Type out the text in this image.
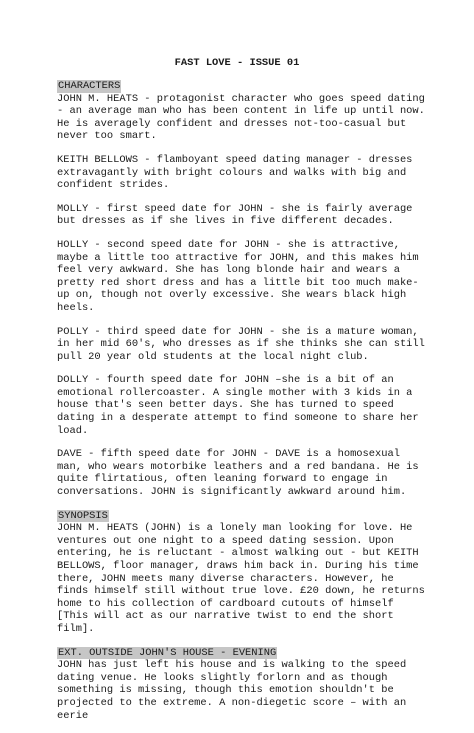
FAST LOVE - ISSUE 01
CHARACTERS

JOHN M. HEATS - protagonist character who goes speed dating - an average man who has been content in life up until now. He is averagely confident and dresses not-too-casual but never too smart.

KEITH BELLOWS - flamboyant speed dating manager - dresses extravagantly with bright colours and walks with big and confident strides.

MOLLY - first speed date for JOHN - she is fairly average but dresses as if she lives in five different decades.

HOLLY - second speed date for JOHN - she is attractive, maybe a little too attractive for JOHN, and this makes him feel very awkward. She has long blonde hair and wears a pretty red short dress and has a little bit too much make-up on, though not overly excessive. She wears black high heels.

POLLY - third speed date for JOHN - she is a mature woman, in her mid 60's, who dresses as if she thinks she can still pull 20 year old students at the local night club.

DOLLY - fourth speed date for JOHN –she is a bit of an emotional rollercoaster. A single mother with 3 kids in a house that's seen better days. She has turned to speed dating in a desperate attempt to find someone to share her load.

DAVE - fifth speed date for JOHN - DAVE is a homosexual man, who wears motorbike leathers and a red bandana. He is quite flirtatious, often leaning forward to engage in conversations. JOHN is significantly awkward around him.

SYNOPSIS

JOHN M. HEATS (JOHN) is a lonely man looking for love. He ventures out one night to a speed dating session. Upon entering, he is reluctant - almost walking out - but KEITH BELLOWS, floor manager, draws him back in. During his time there, JOHN meets many diverse characters. However, he finds himself still without true love. £20 down, he returns home to his collection of cardboard cutouts of himself [This will act as our narrative twist to end the short film].

EXT. OUTSIDE JOHN'S HOUSE - EVENING

JOHN has just left his house and is walking to the speed dating venue. He looks slightly forlorn and as though something is missing, though this emotion shouldn't be projected to the extreme. A non-diegetic score – with an eerie
